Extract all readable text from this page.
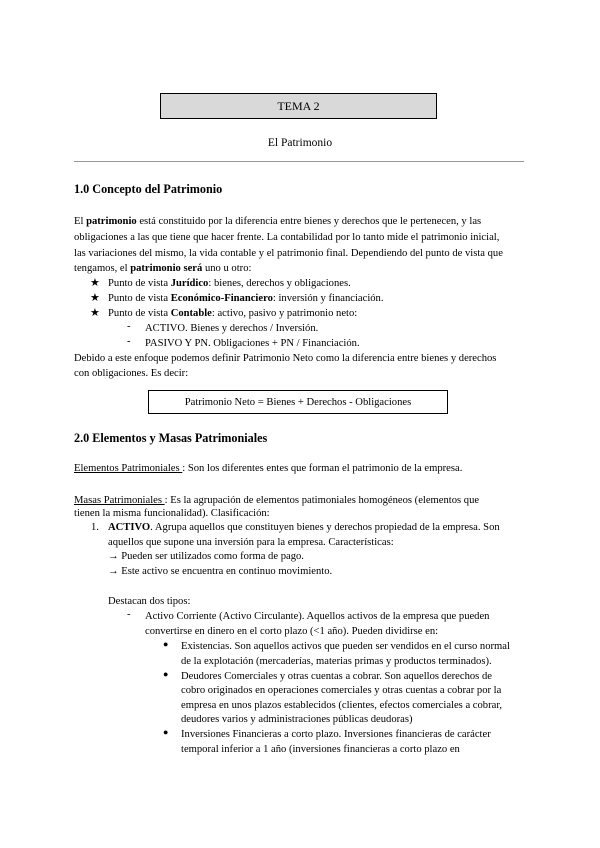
TEMA 2
El Patrimonio
1.0 Concepto del Patrimonio
El patrimonio está constituido por la diferencia entre bienes y derechos que le pertenecen, y las
obligaciones a las que tiene que hacer frente. La contabilidad por lo tanto mide el patrimonio inicial,
las variaciones del mismo, la vida contable y el patrimonio final. Dependiendo del punto de vista que
tengamos, el patrimonio será uno u otro:
★ Punto de vista Jurídico: bienes, derechos y obligaciones.
★ Punto de vista Económico-Financiero: inversión y financiación.
★ Punto de vista Contable: activo, pasivo y patrimonio neto:
- ACTIVO. Bienes y derechos / Inversión.
- PASIVO Y PN. Obligaciones + PN / Financiación.
Debido a este enfoque podemos definir Patrimonio Neto como la diferencia entre bienes y derechos
con obligaciones. Es decir:
Patrimonio Neto = Bienes + Derechos - Obligaciones
2.0 Elementos y Masas Patrimoniales
Elementos Patrimoniales : Son los diferentes entes que forman el patrimonio de la empresa.
Masas Patrimoniales : Es la agrupación de elementos patimoniales homogéneos (elementos que
tienen la misma funcionalidad). Clasificación:
1. ACTIVO. Agrupa aquellos que constituyen bienes y derechos propiedad de la empresa. Son
aquellos que supone una inversión para la empresa. Características:
→ Pueden ser utilizados como forma de pago.
→ Este activo se encuentra en continuo movimiento.
Destacan dos tipos:
- Activo Corriente (Activo Circulante). Aquellos activos de la empresa que pueden
convertirse en dinero en el corto plazo (<1 año). Pueden dividirse en:
● Existencias. Son aquellos activos que pueden ser vendidos en el curso normal
de la explotación (mercaderías, materias primas y productos terminados).
● Deudores Comerciales y otras cuentas a cobrar. Son aquellos derechos de
cobro originados en operaciones comerciales y otras cuentas a cobrar por la
empresa en unos plazos establecidos (clientes, efectos comerciales a cobrar,
deudores varios y administraciones públicas deudoras)
● Inversiones Financieras a corto plazo. Inversiones financieras de carácter
temporal inferior a 1 año (inversiones financieras a corto plazo en
